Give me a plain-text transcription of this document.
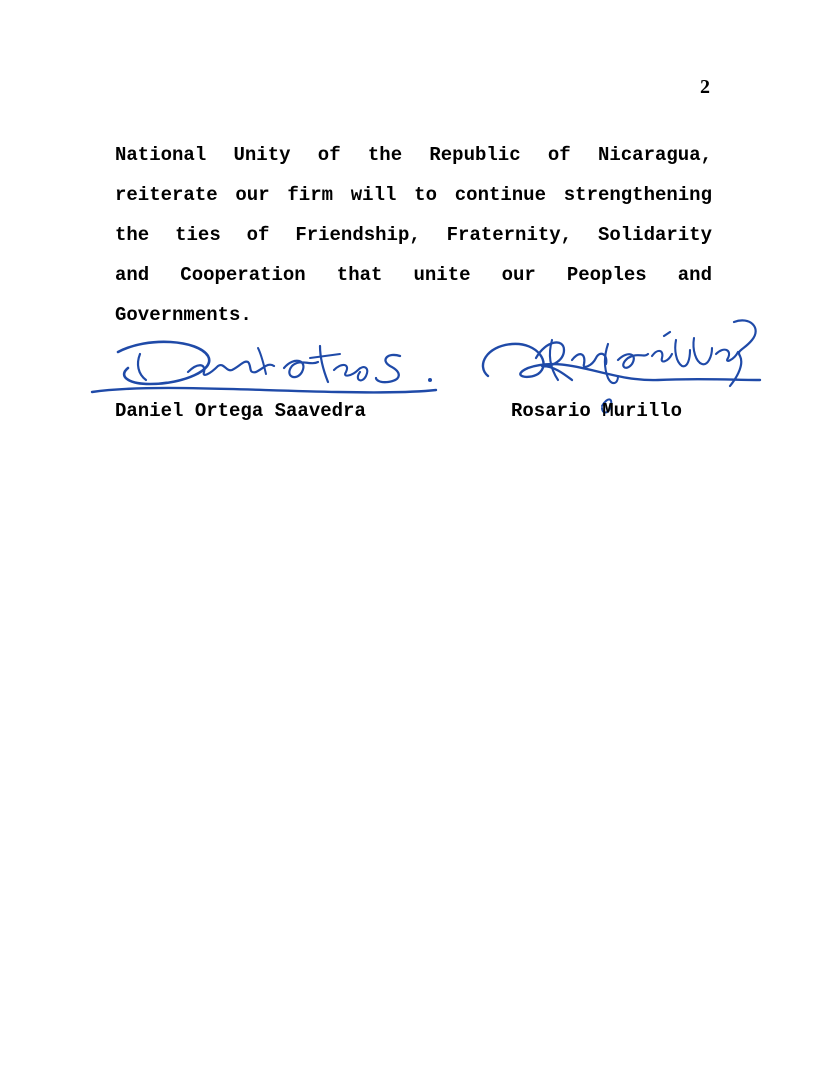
2
National Unity of the Republic of Nicaragua,
reiterate our firm will to continue strengthening
the ties of Friendship, Fraternity, Solidarity
and Cooperation that unite our Peoples and
Governments.
Daniel Ortega Saavedra	Rosario Murillo
